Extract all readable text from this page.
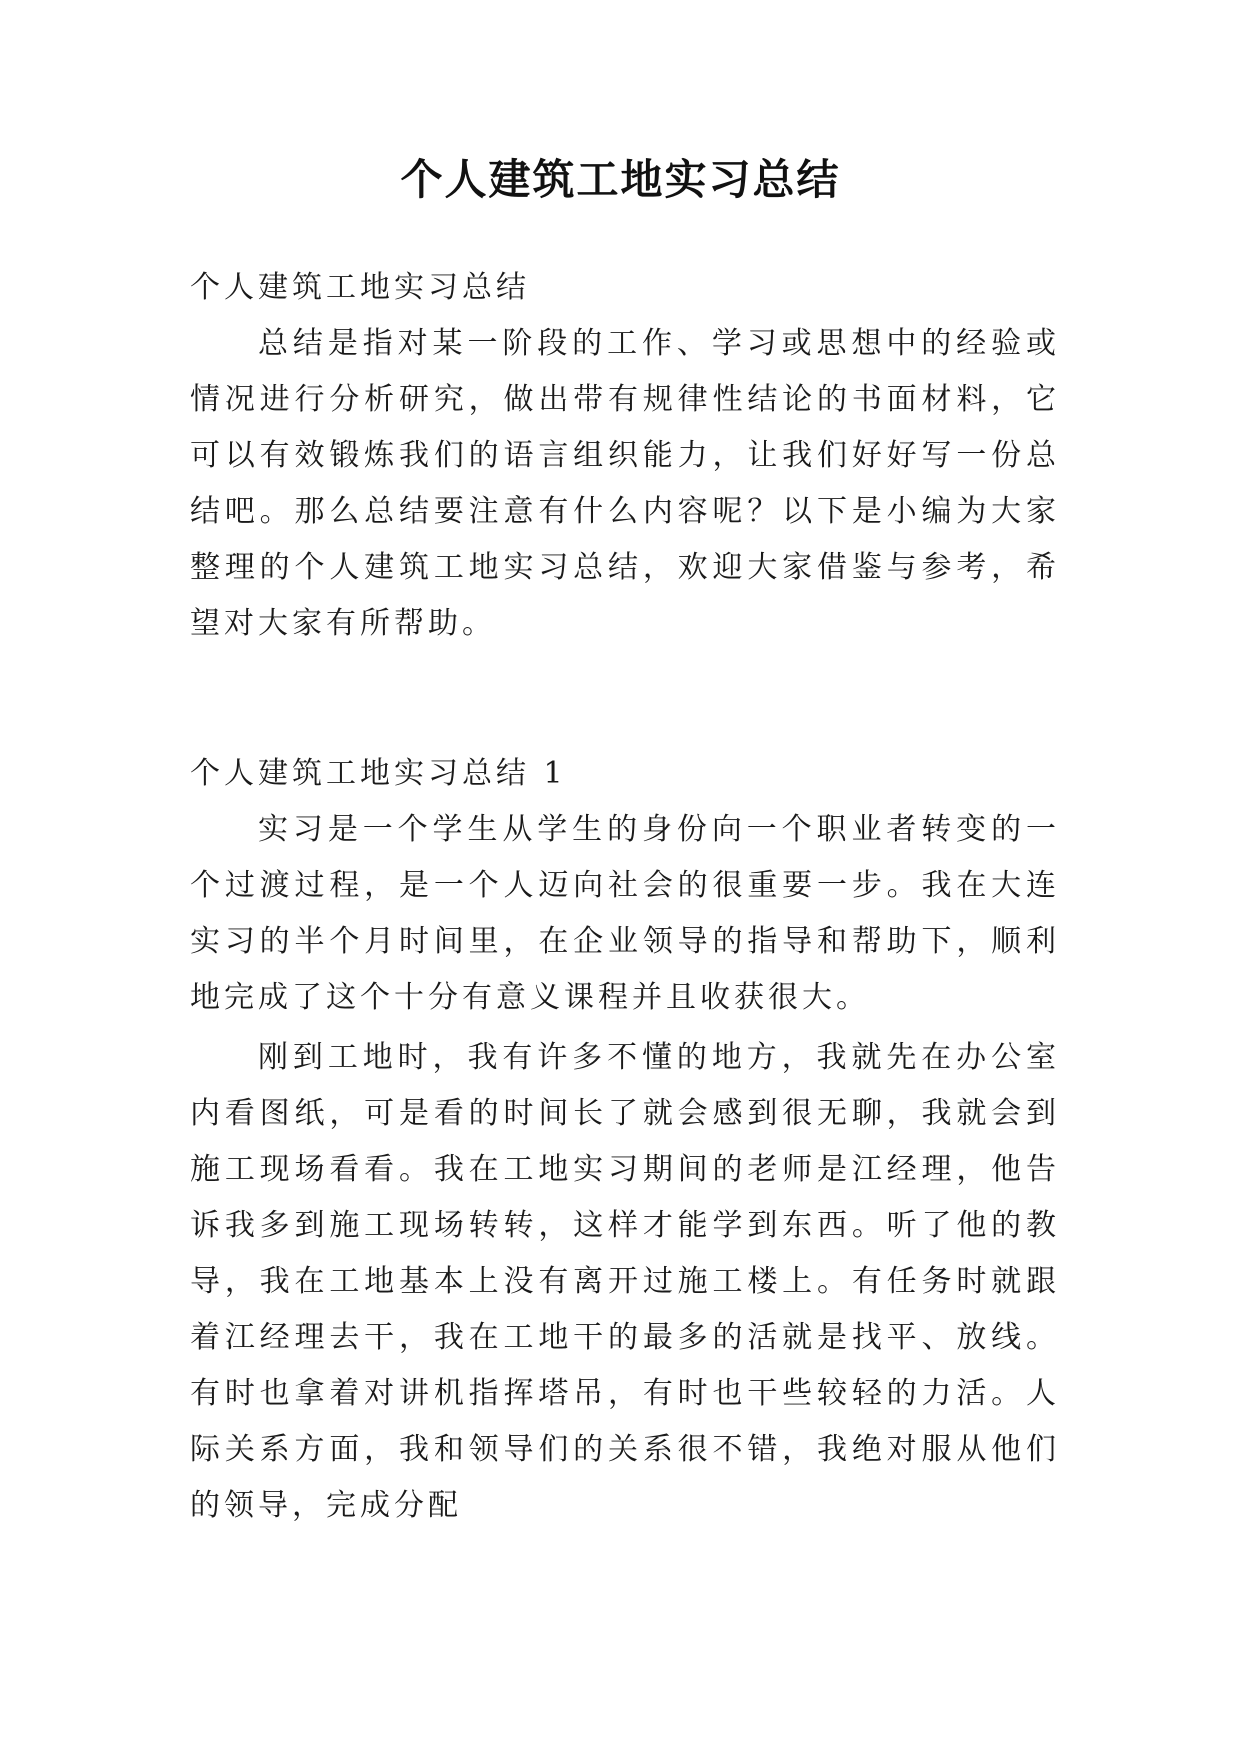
个人建筑工地实习总结

个人建筑工地实习总结

总结是指对某一阶段的工作、学习或思想中的经验或情况进行分析研究，做出带有规律性结论的书面材料，它可以有效锻炼我们的语言组织能力，让我们好好写一份总结吧。那么总结要注意有什么内容呢？以下是小编为大家整理的个人建筑工地实习总结，欢迎大家借鉴与参考，希望对大家有所帮助。

个人建筑工地实习总结 1

实习是一个学生从学生的身份向一个职业者转变的一个过渡过程，是一个人迈向社会的很重要一步。我在大连实习的半个月时间里，在企业领导的指导和帮助下，顺利地完成了这个十分有意义课程并且收获很大。

刚到工地时，我有许多不懂的地方，我就先在办公室内看图纸，可是看的时间长了就会感到很无聊，我就会到施工现场看看。我在工地实习期间的老师是江经理，他告诉我多到施工现场转转，这样才能学到东西。听了他的教导，我在工地基本上没有离开过施工楼上。有任务时就跟着江经理去干，我在工地干的最多的活就是找平、放线。有时也拿着对讲机指挥塔吊，有时也干些较轻的力活。人际关系方面，我和领导们的关系很不错，我绝对服从他们的领导，完成分配
